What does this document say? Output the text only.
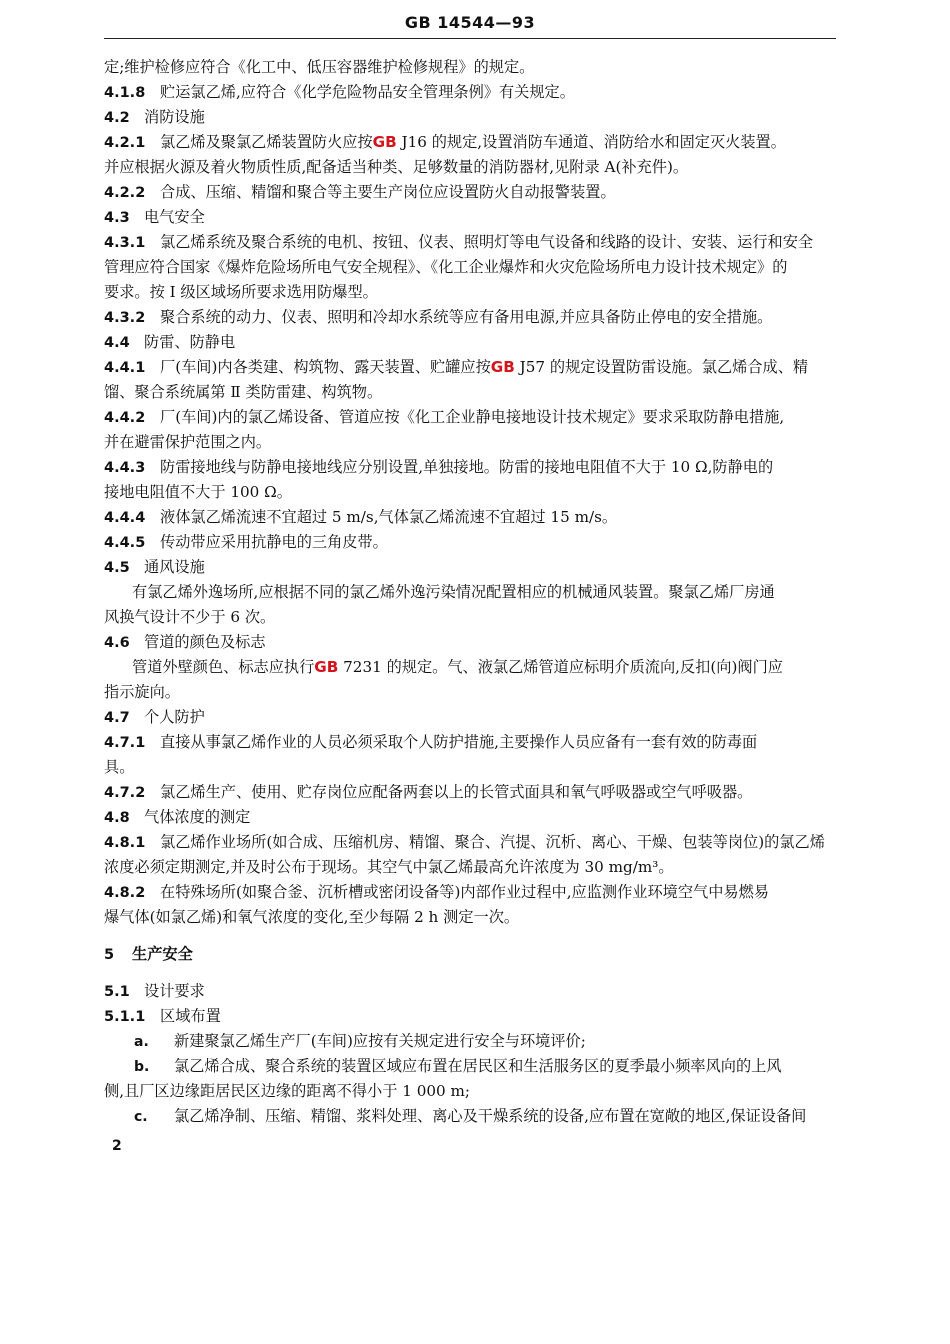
GB 14544—93
定;维护检修应符合《化工中、低压容器维护检修规程》的规定。
4.1.8 贮运氯乙烯,应符合《化学危险物品安全管理条例》有关规定。
4.2 消防设施
4.2.1 氯乙烯及聚氯乙烯装置防火应按GB J16 的规定,设置消防车通道、消防给水和固定灭火装置。
并应根据火源及着火物质性质,配备适当种类、足够数量的消防器材,见附录 A(补充件)。
4.2.2 合成、压缩、精馏和聚合等主要生产岗位应设置防火自动报警装置。
4.3 电气安全
4.3.1 氯乙烯系统及聚合系统的电机、按钮、仪表、照明灯等电气设备和线路的设计、安装、运行和安全
管理应符合国家《爆炸危险场所电气安全规程》、《化工企业爆炸和火灾危险场所电力设计技术规定》的
要求。按 I 级区域场所要求选用防爆型。
4.3.2 聚合系统的动力、仪表、照明和冷却水系统等应有备用电源,并应具备防止停电的安全措施。
4.4 防雷、防静电
4.4.1 厂(车间)内各类建、构筑物、露天装置、贮罐应按GB J57 的规定设置防雷设施。氯乙烯合成、精
馏、聚合系统属第 Ⅱ 类防雷建、构筑物。
4.4.2 厂(车间)内的氯乙烯设备、管道应按《化工企业静电接地设计技术规定》要求采取防静电措施,
并在避雷保护范围之内。
4.4.3 防雷接地线与防静电接地线应分别设置,单独接地。防雷的接地电阻值不大于 10 Ω,防静电的
接地电阻值不大于 100 Ω。
4.4.4 液体氯乙烯流速不宜超过 5 m/s,气体氯乙烯流速不宜超过 15 m/s。
4.4.5 传动带应采用抗静电的三角皮带。
4.5 通风设施
有氯乙烯外逸场所,应根据不同的氯乙烯外逸污染情况配置相应的机械通风装置。聚氯乙烯厂房通
风换气设计不少于 6 次。
4.6 管道的颜色及标志
管道外壁颜色、标志应执行GB 7231 的规定。气、液氯乙烯管道应标明介质流向,反扣(向)阀门应
指示旋向。
4.7 个人防护
4.7.1 直接从事氯乙烯作业的人员必须采取个人防护措施,主要操作人员应备有一套有效的防毒面
具。
4.7.2 氯乙烯生产、使用、贮存岗位应配备两套以上的长管式面具和氧气呼吸器或空气呼吸器。
4.8 气体浓度的测定
4.8.1 氯乙烯作业场所(如合成、压缩机房、精馏、聚合、汽提、沉析、离心、干燥、包装等岗位)的氯乙烯
浓度必须定期测定,并及时公布于现场。其空气中氯乙烯最高允许浓度为 30 mg/m³。
4.8.2 在特殊场所(如聚合釜、沉析槽或密闭设备等)内部作业过程中,应监测作业环境空气中易燃易
爆气体(如氯乙烯)和氧气浓度的变化,至少每隔 2 h 测定一次。
5 生产安全
5.1 设计要求
5.1.1 区域布置
a. 新建聚氯乙烯生产厂(车间)应按有关规定进行安全与环境评价;
b. 氯乙烯合成、聚合系统的装置区域应布置在居民区和生活服务区的夏季最小频率风向的上风
侧,且厂区边缘距居民区边缘的距离不得小于 1 000 m;
c. 氯乙烯净制、压缩、精馏、浆料处理、离心及干燥系统的设备,应布置在宽敞的地区,保证设备间
2
